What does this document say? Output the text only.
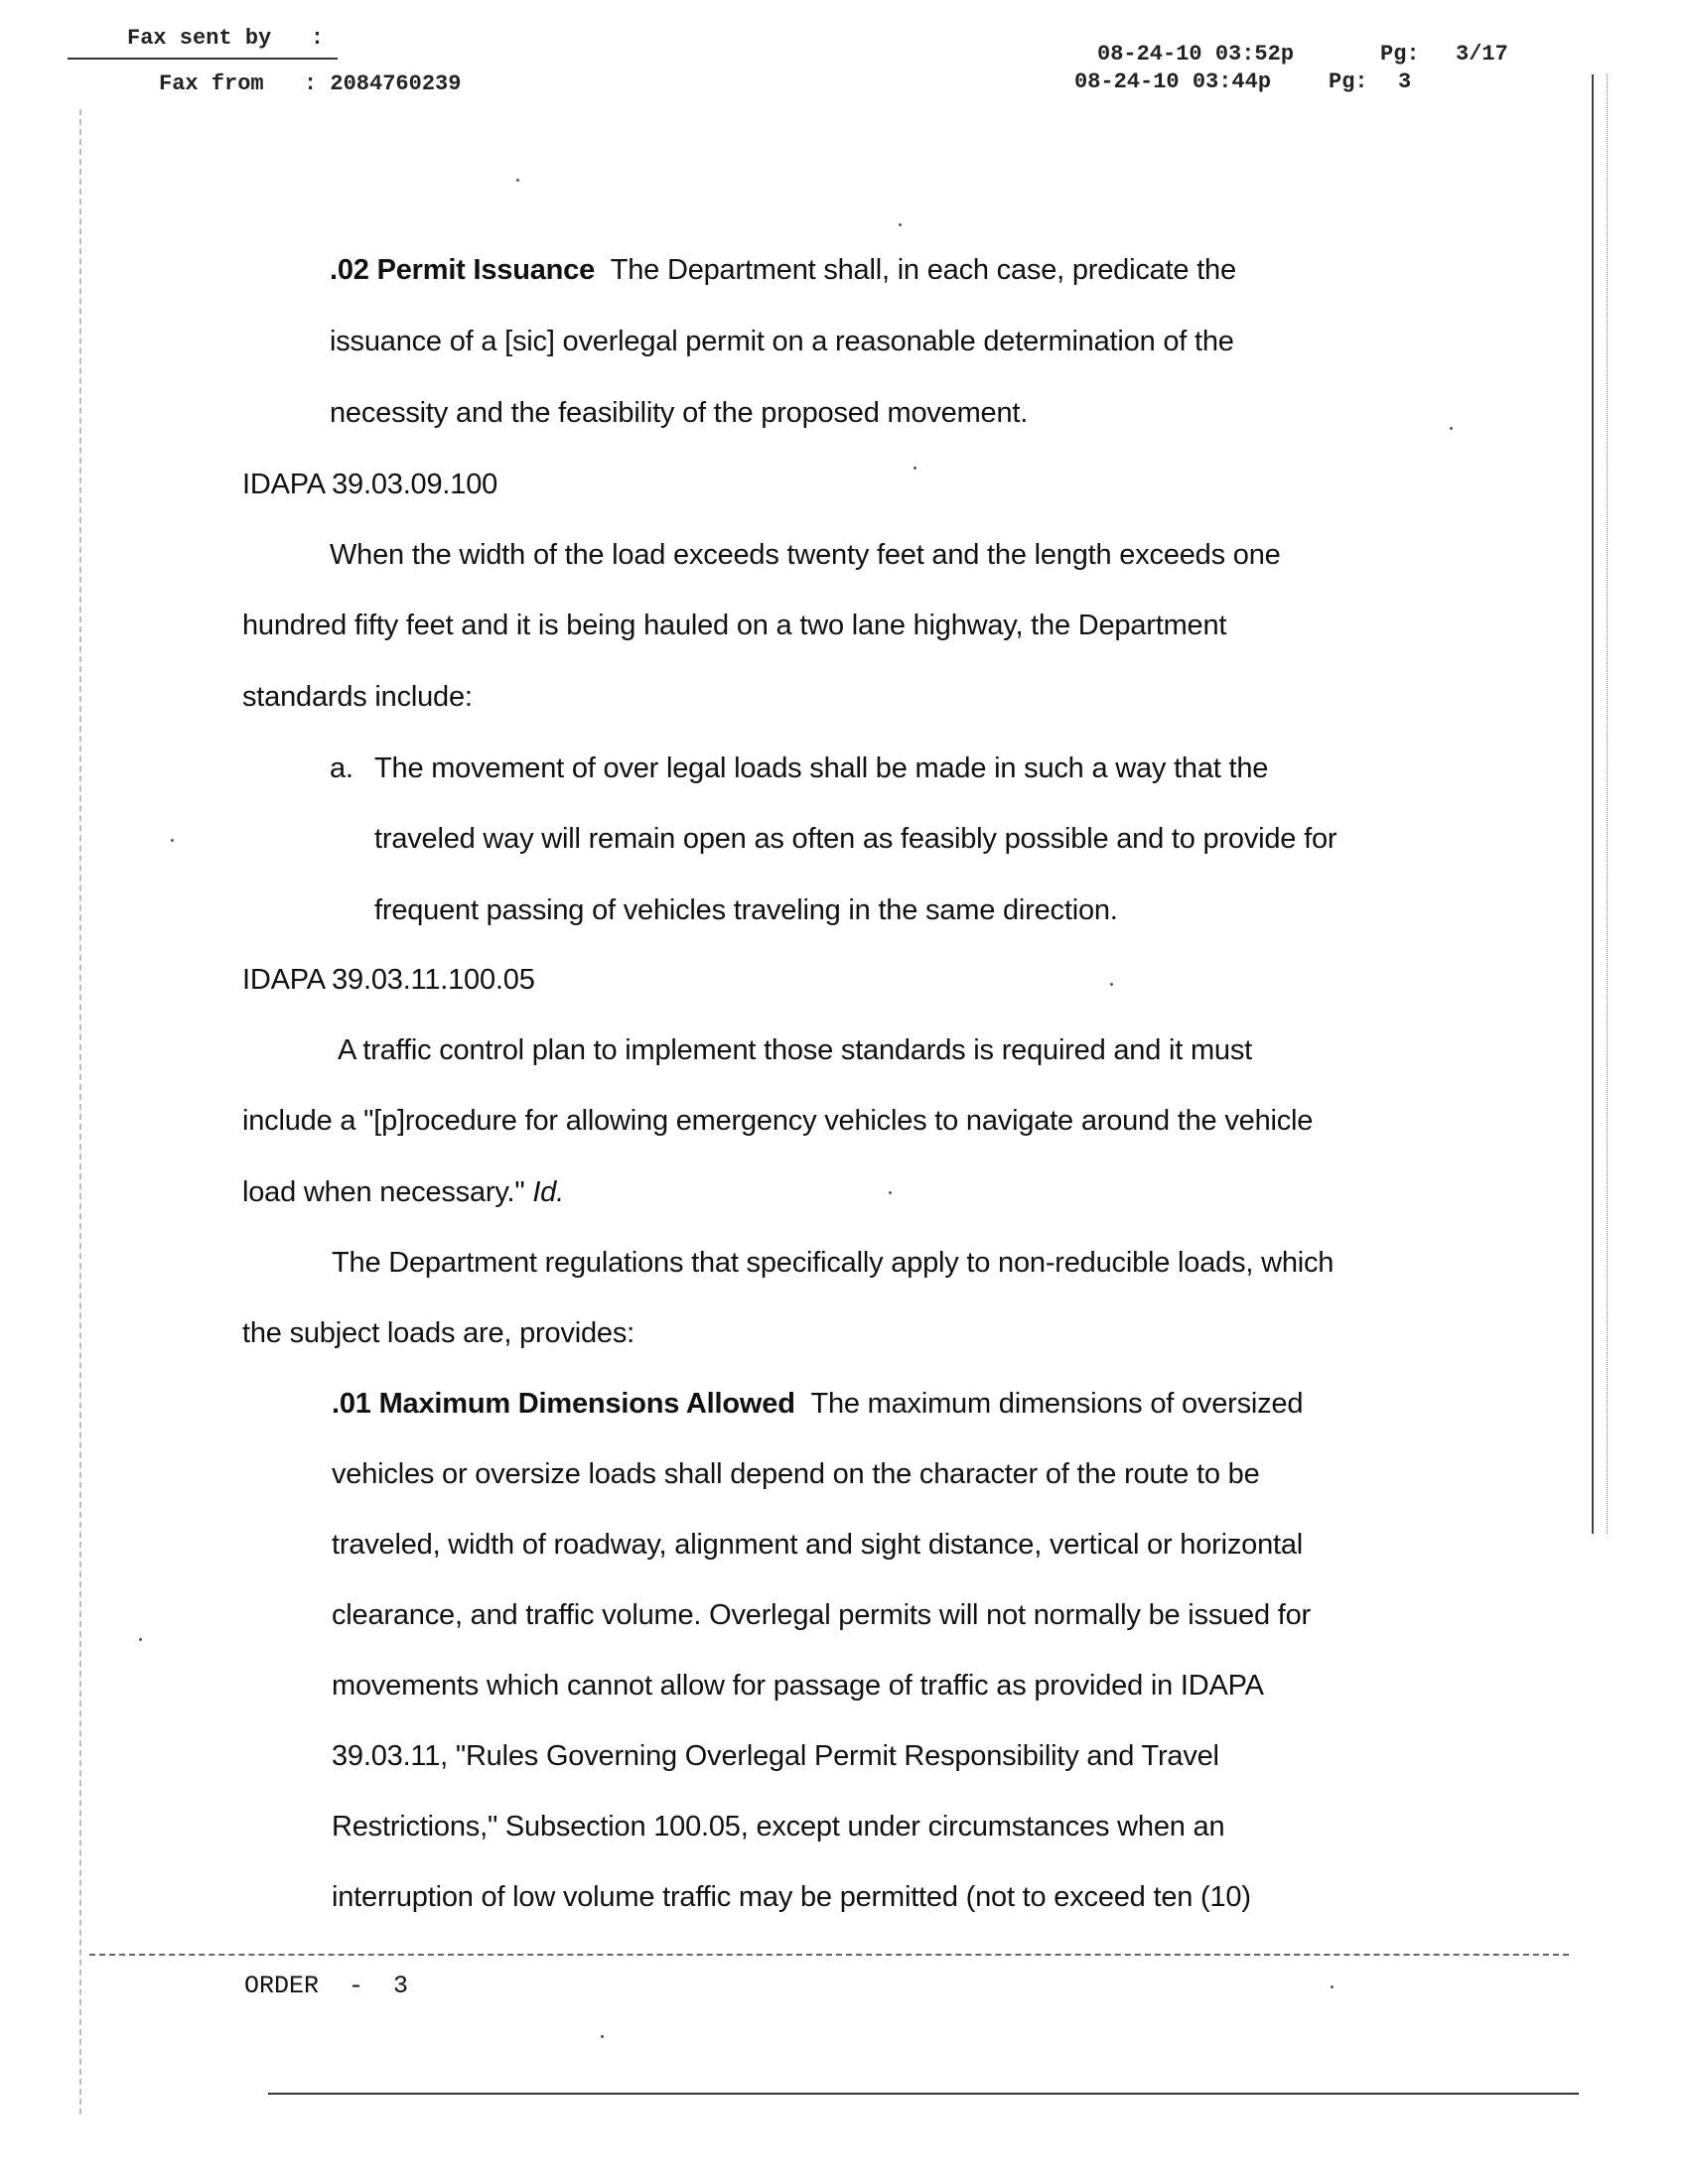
Fax sent by   :
Fax from : 2084760239
08-24-10 03:52p	Pg: 3/17
08-24-10 03:44p	Pg: 3
.02 Permit Issuance The Department shall, in each case, predicate the
issuance of a [sic] overlegal permit on a reasonable determination of the
necessity and the feasibility of the proposed movement.
IDAPA 39.03.09.100
When the width of the load exceeds twenty feet and the length exceeds one
hundred fifty feet and it is being hauled on a two lane highway, the Department
standards include:
a. The movement of over legal loads shall be made in such a way that the
traveled way will remain open as often as feasibly possible and to provide for
frequent passing of vehicles traveling in the same direction.
IDAPA 39.03.11.100.05
A traffic control plan to implement those standards is required and it must
include a "[p]rocedure for allowing emergency vehicles to navigate around the vehicle
load when necessary." Id.
The Department regulations that specifically apply to non-reducible loads, which
the subject loads are, provides:
.01 Maximum Dimensions Allowed The maximum dimensions of oversized
vehicles or oversize loads shall depend on the character of the route to be
traveled, width of roadway, alignment and sight distance, vertical or horizontal
clearance, and traffic volume. Overlegal permits will not normally be issued for
movements which cannot allow for passage of traffic as provided in IDAPA
39.03.11, "Rules Governing Overlegal Permit Responsibility and Travel
Restrictions," Subsection 100.05, except under circumstances when an
interruption of low volume traffic may be permitted (not to exceed ten (10)
ORDER  -  3
